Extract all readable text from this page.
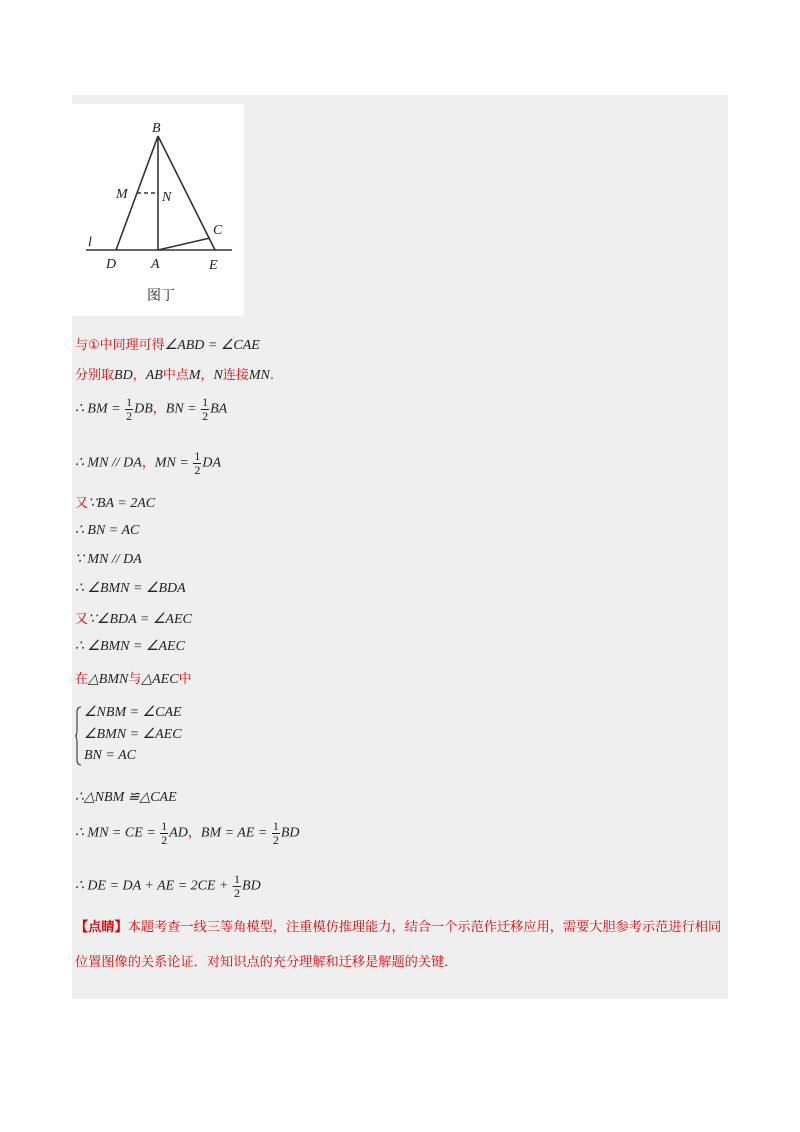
B
M N
C
l
D A	E
图丁
与①中同理可得∠ABD = ∠CAE
分别取BD，AB中点M，N连接MN.
∴ BM = $\frac{1}{2}$ DB，BN = $\frac{1}{2}$ BA
∴ MN // DA，MN = $\frac{1}{2}$ DA
又∵BA = 2AC
∴ BN = AC
∵ MN // DA
∴ ∠BMN = ∠BDA
又∵∠BDA = ∠AEC
∴ ∠BMN = ∠AEC
在△BMN与△AEC中
∠NBM = ∠CAE
∠BMN = ∠AEC
BN = AC
∴△NBM ≌△CAE
∴ MN = CE = $\frac{1}{2}$ AD，BM = AE = $\frac{1}{2}$ BD
∴ DE = DA + AE = $2CE + \frac{1}{2}$ BD
【点睛】本题考查一线三等角模型，注重模仿推理能力，结合一个示范作迁移应用，需要大胆参考示范进行相同位置图像的关系论证．对知识点的充分理解和迁移是解题的关键．
